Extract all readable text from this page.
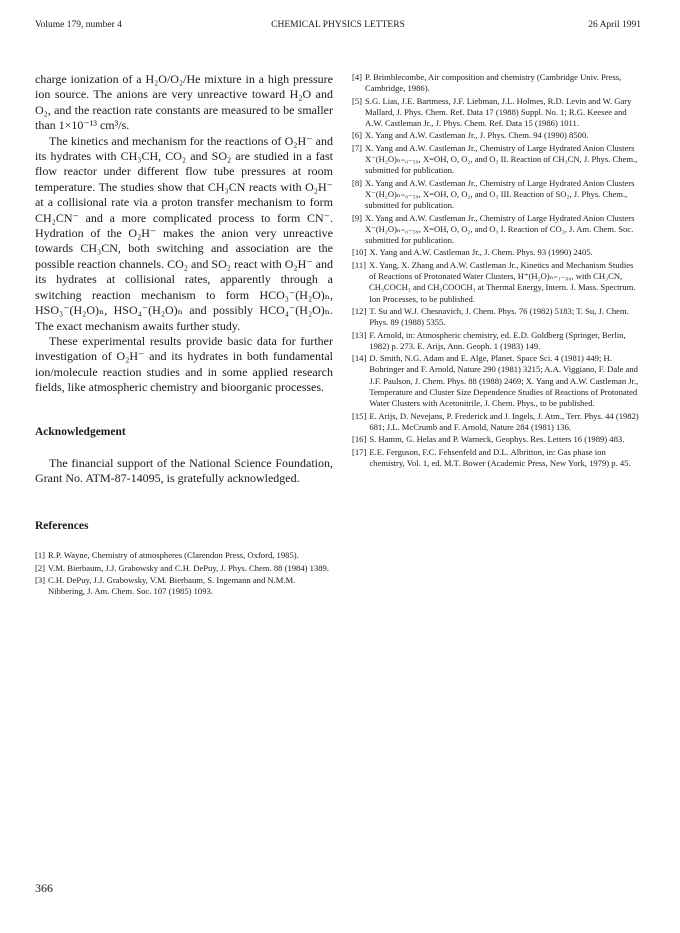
Volume 179, number 4	CHEMICAL PHYSICS LETTERS	26 April 1991

charge ionization of a H₂O/O₂/He mixture in a high pressure ion source. The anions are very unreactive toward H₂O and O₂, and the reaction rate constants are measured to be smaller than 1×10⁻¹³ cm³/s.

The kinetics and mechanism for the reactions of O₂H⁻ and its hydrates with CH₃CH, CO₂ and SO₂ are studied in a fast flow reactor under different flow tube pressures at room temperature. The studies show that CH₃CN reacts with O₂H⁻ at a collisional rate via a proton transfer mechanism to form CH₂CN⁻ and a more complicated process to form CN⁻. Hydration of the O₂H⁻ makes the anion very unreactive towards CH₃CN, both switching and association are the possible reaction channels. CO₂ and SO₂ react with O₂H⁻ and its hydrates at collisional rates, apparently through a switching reaction mechanism to form HCO₃⁻(H₂O)ₙ, HSO₃⁻(H₂O)ₙ, HSO₄⁻(H₂O)ₙ and possibly HCO₄⁻(H₂O)ₙ. The exact mechanism awaits further study.

These experimental results provide basic data for further investigation of O₂H⁻ and its hydrates in both fundamental ion/molecule reaction studies and in some applied research fields, like atmospheric chemistry and bioorganic processes.

Acknowledgement

The financial support of the National Science Foundation, Grant No. ATM-87-14095, is gratefully acknowledged.

References

[1] R.P. Wayne, Chemistry of atmospheres (Clarendon Press, Oxford, 1985).
[2] V.M. Bierbaum, J.J. Grabowsky and C.H. DePuy, J. Phys. Chem. 88 (1984) 1389.
[3] C.H. DePuy, J.J. Grabowsky, V.M. Bierbaum, S. Ingemann and N.M.M. Nibbering, J. Am. Chem. Soc. 107 (1985) 1093.
[4] P. Brimblecombe, Air composition and chemistry (Cambridge Univ. Press, Cambridge, 1986).
[5] S.G. Lias, J.E. Bartmess, J.F. Liebman, J.L. Holmes, R.D. Levin and W. Gary Mallard, J. Phys. Chem. Ref. Data 17 (1988) Suppl. No. 1; R.G. Keesee and A.W. Castleman Jr., J. Phys. Chem. Ref. Data 15 (1986) 1011.
[6] X. Yang and A.W. Castleman Jr., J. Phys. Chem. 94 (1990) 8500.
[7] X. Yang and A.W. Castleman Jr., Chemistry of Large Hydrated Anion Clusters X⁻(H₂O)ₙ₌₀₋₅₉, X=OH, O, O₂, and O₃ II. Reaction of CH₃CN, J. Phys. Chem., submitted for publication.
[8] X. Yang and A.W. Castleman Jr., Chemistry of Large Hydrated Anion Clusters X⁻(H₂O)ₙ₌₀₋₅₉, X=OH, O, O₂, and O₃ III. Reaction of SO₂, J. Phys. Chem., submitted for publication.
[9] X. Yang and A.W. Castleman Jr., Chemistry of Large Hydrated Anion Clusters X⁻(H₂O)ₙ₌₀₋₅₉, X=OH, O, O₂, and O₃ I. Reaction of CO₂, J. Am. Chem. Soc. submitted for publication.
[10] X. Yang and A.W. Castleman Jr., J. Chem. Phys. 93 (1990) 2405.
[11] X. Yang, X. Zhang and A.W. Castleman Jr., Kinetics and Mechanism Studies of Reactions of Protonated Water Clusters, H⁺(H₂O)ₙ₌₁₋₆₀, with CH₃CN, CH₃COCH₃ and CH₃COOCH₃ at Thermal Energy, Intern. J. Mass. Spectrum. Ion Processes, to be published.
[12] T. Su and W.J. Chesnavich, J. Chem. Phys. 76 (1982) 5183; T. Su, J. Chem. Phys. 89 (1988) 5355.
[13] F. Arnold, in: Atmospheric chemistry, ed. E.D. Goldberg (Springer, Berlin, 1982) p. 273. E. Arijs, Ann. Geoph. 1 (1983) 149.
[14] D. Smith, N.G. Adam and E. Alge, Planet. Space Sci. 4 (1981) 449; H. Bohringer and F. Arnold, Nature 290 (1981) 3215; A.A. Viggiano, F. Dale and J.F. Paulson, J. Chem. Phys. 88 (1988) 2469; X. Yang and A.W. Castleman Jr., Temperature and Cluster Size Dependence Studies of Reactions of Protonated Water Clusters with Acetonitrile, J. Chem. Phys., to be published.
[15] E. Arijs, D. Nevejans, P. Frederick and J. Ingels, J. Atm., Terr. Phys. 44 (1982) 681; J.L. McCrumb and F. Arnold, Nature 284 (1981) 136.
[16] S. Hamm, G. Helas and P. Warneck, Geophys. Res. Letters 16 (1989) 483.
[17] E.E. Ferguson, F.C. Fehsenfeld and D.L. Albritton, in: Gas phase ion chemistry, Vol. 1, ed. M.T. Bower (Academic Press, New York, 1979) p. 45.
366
